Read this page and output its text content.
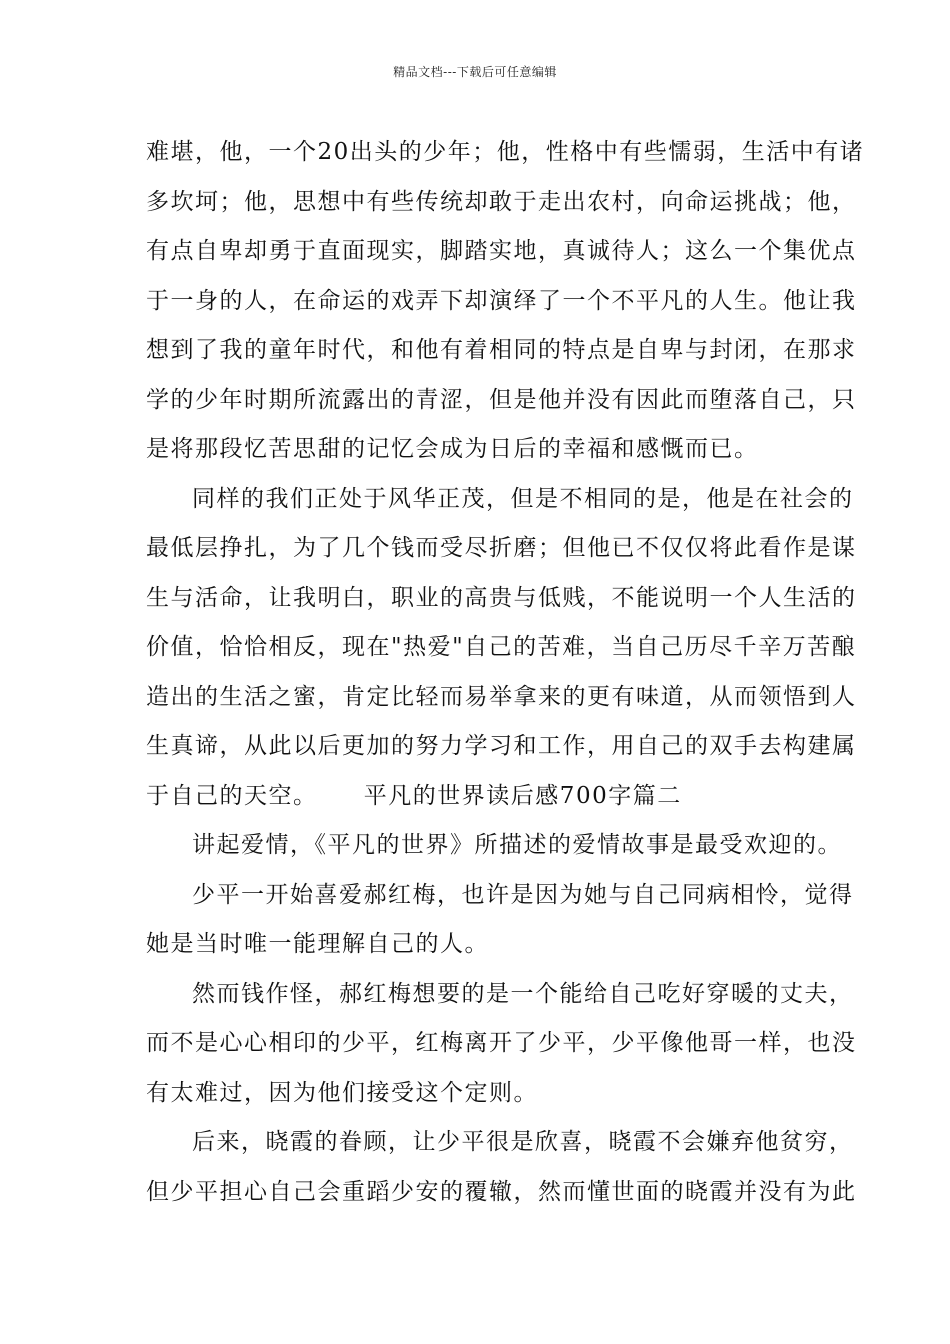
精品文档---下载后可任意编辑
难堪，他，一个20出头的少年；他，性格中有些懦弱，生活中有诸
多坎坷；他，思想中有些传统却敢于走出农村，向命运挑战；他，
有点自卑却勇于直面现实，脚踏实地，真诚待人；这么一个集优点
于一身的人，在命运的戏弄下却演绎了一个不平凡的人生。他让我
想到了我的童年时代，和他有着相同的特点是自卑与封闭，在那求
学的少年时期所流露出的青涩，但是他并没有因此而堕落自己，只
是将那段忆苦思甜的记忆会成为日后的幸福和感慨而已。
同样的我们正处于风华正茂，但是不相同的是，他是在社会的
最低层挣扎，为了几个钱而受尽折磨；但他已不仅仅将此看作是谋
生与活命，让我明白，职业的高贵与低贱，不能说明一个人生活的
价值，恰恰相反，现在"热爱"自己的苦难，当自己历尽千辛万苦酿
造出的生活之蜜，肯定比轻而易举拿来的更有味道，从而领悟到人
生真谛，从此以后更加的努力学习和工作，用自己的双手去构建属
于自己的天空。　　 平凡的世界读后感700字篇二
讲起爱情，《平凡的世界》所描述的爱情故事是最受欢迎的。
少平一开始喜爱郝红梅，也许是因为她与自己同病相怜，觉得
她是当时唯一能理解自己的人。
然而钱作怪，郝红梅想要的是一个能给自己吃好穿暖的丈夫，
而不是心心相印的少平，红梅离开了少平，少平像他哥一样，也没
有太难过，因为他们接受这个定则。
后来，晓霞的眷顾，让少平很是欣喜，晓霞不会嫌弃他贫穷，
但少平担心自己会重蹈少安的覆辙，然而懂世面的晓霞并没有为此
